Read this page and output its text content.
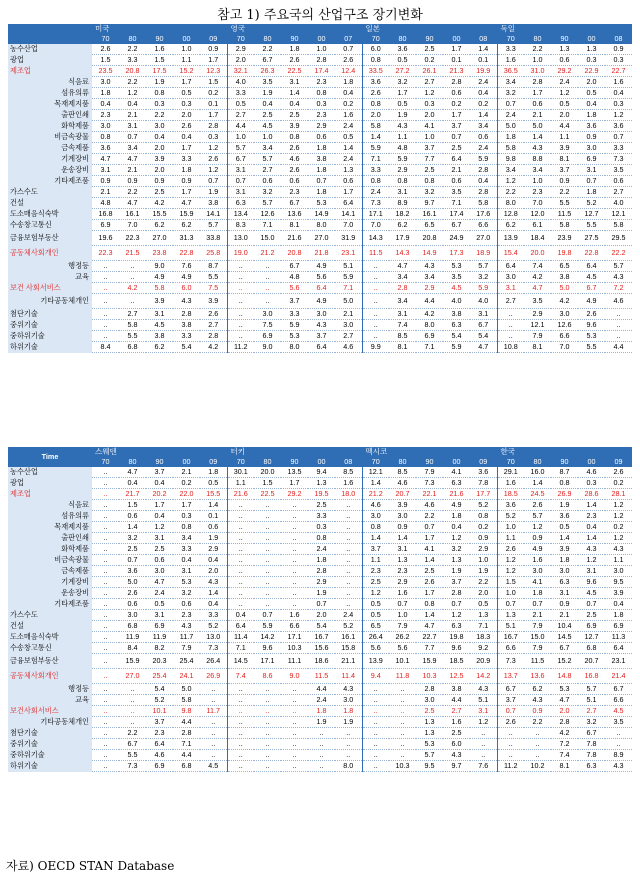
참고 1) 주요국의 산업구조 장기변화
	미국					영국					일본					독일				
	70	80	90	00	09	70	80	90	00	07	70	80	90	00	08	70	80	90	00	08
농수산업	2.6	2.2	1.6	1.0	0.9	2.9	2.2	1.8	1.0	0.7	6.0	3.6	2.5	1.7	1.4	3.3	2.2	1.3	1.3	0.9
광업	1.5	3.3	1.5	1.1	1.7	2.0	6.7	2.6	2.8	2.6	0.8	0.5	0.2	0.1	0.1	1.6	1.0	0.6	0.3	0.3
제조업	23.5	20.8	17.5	15.2	12.3	32.1	26.3	22.5	17.4	12.4	33.5	27.2	26.1	21.3	19.9	36.5	31.0	29.2	22.9	22.7
식음료	3.0	2.2	1.9	1.7	1.5	4.0	3.5	3.1	2.3	1.8	3.6	3.2	2.7	2.8	2.4	3.4	2.8	2.4	2.0	1.6
섬유의류	1.8	1.2	0.8	0.5	0.2	3.3	1.9	1.4	0.8	0.4	2.6	1.7	1.2	0.6	0.4	3.2	1.7	1.2	0.5	0.4
목재제지품	0.4	0.4	0.3	0.3	0.1	0.5	0.4	0.4	0.3	0.2	0.8	0.5	0.3	0.2	0.2	0.7	0.6	0.5	0.4	0.3
출판인쇄	2.3	2.1	2.2	2.0	1.7	2.7	2.5	2.5	2.3	1.6	2.0	1.9	2.0	1.7	1.4	2.4	2.1	2.0	1.8	1.2
화학제품	3.0	3.1	3.0	2.6	2.8	4.4	4.5	3.9	2.9	2.4	5.8	4.3	4.1	3.7	3.4	5.0	5.0	4.4	3.6	3.6
비금속광물	0.8	0.7	0.4	0.4	0.3	1.0	1.0	0.8	0.6	0.5	1.4	1.1	1.0	0.7	0.6	1.8	1.4	1.1	0.9	0.7
금속제품	3.6	3.4	2.0	1.7	1.2	5.7	3.4	2.6	1.8	1.4	5.9	4.8	3.7	2.5	2.4	5.8	4.3	3.9	3.0	3.3
기계장비	4.7	4.7	3.9	3.3	2.6	6.7	5.7	4.6	3.8	2.4	7.1	5.9	7.7	6.4	5.9	9.8	8.8	8.1	6.9	7.3
운송장비	3.1	2.1	2.0	1.8	1.2	3.1	2.7	2.6	1.8	1.3	3.3	2.9	2.5	2.1	2.8	3.4	3.4	3.7	3.1	3.5
기타제조품	0.9	0.9	0.9	0.9	0.7	0.7	0.6	0.6	0.7	0.6	0.8	0.8	0.8	0.6	0.4	1.2	1.0	0.9	0.7	0.6
가스수도	2.1	2.2	2.5	1.7	1.9	3.1	3.2	2.3	1.8	1.7	2.4	3.1	3.2	3.5	2.8	2.2	2.3	2.2	1.8	2.7
건설	4.8	4.7	4.2	4.7	3.8	6.3	5.7	6.7	5.3	6.4	7.3	8.9	9.7	7.1	5.8	8.0	7.0	5.5	5.2	4.0
도소매음식숙박	16.8	16.1	15.5	15.9	14.1	13.4	12.6	13.6	14.9	14.1	17.1	18.2	16.1	17.4	17.6	12.8	12.0	11.5	12.7	12.1
수송창고통신	6.9	7.0	6.2	6.2	5.7	8.3	7.1	8.1	8.0	7.0	7.0	6.2	6.5	6.7	6.6	6.2	6.1	5.8	5.5	5.8
금융보험부동산	19.6	22.3	27.0	31.3	33.8	13.0	15.0	21.6	27.0	31.9	14.3	17.9	20.8	24.9	27.0	13.9	18.4	23.9	27.5	29.5
공동체사회개인	22.3	21.5	23.8	22.8	25.8	19.0	21.2	20.8	21.8	23.1	11.5	14.3	14.9	17.3	18.9	15.4	20.0	19.8	22.8	22.2
행정등	..	..	9.0	7.6	8.7	..	..	6.7	4.9	5.1	..	4.7	4.3	5.3	5.7	6.4	7.4	6.5	6.4	5.7
교육	..	..	4.9	4.9	5.5	..	..	4.8	5.6	5.9	..	3.4	3.4	3.5	3.2	3.0	4.2	3.8	4.5	4.3
보건 사회서비스	..	4.2	5.8	6.0	7.5	..	..	5.6	6.4	7.1	..	2.8	2.9	4.5	5.9	3.1	4.7	5.0	6.7	7.2
기타공동체개인	..	..	3.9	4.3	3.9	..	..	3.7	4.9	5.0	..	3.4	4.4	4.0	4.0	2.7	3.5	4.2	4.9	4.6
첨단기술	..	2.7	3.1	2.8	2.6	..	3.0	3.3	3.0	2.1	..	3.1	4.2	3.8	3.1	..	2.9	3.0	2.6	..
중위기술	..	5.8	4.5	3.8	2.7	..	7.5	5.9	4.3	3.0	..	7.4	8.0	6.3	6.7	..	12.1	12.6	9.6	..
중하위기술	..	5.5	3.8	3.3	2.8	..	6.9	5.3	3.7	2.7	..	8.5	6.9	5.4	5.4	..	7.9	6.6	5.3	..
하위기술	8.4	6.8	6.2	5.4	4.2	11.2	9.0	8.0	6.4	4.6	9.9	8.1	7.1	5.9	4.7	10.8	8.1	7.0	5.5	4.4
Time	스웨덴					터키					멕시코					한국				
	70	80	90	00	09	70	80	90	00	08	70	80	90	00	09	70	80	90	00	09
농수산업	..	4.7	3.7	2.1	1.8	30.1	20.0	13.5	9.4	8.5	12.1	8.5	7.9	4.1	3.6	29.1	16.0	8.7	4.6	2.6
광업	..	0.4	0.4	0.2	0.5	1.1	1.5	1.7	1.3	1.6	1.4	4.6	7.3	6.3	7.8	1.6	1.4	0.8	0.3	0.2
제조업	..	21.7	20.2	22.0	15.5	21.6	22.5	29.2	19.5	18.0	21.2	20.7	22.1	21.6	17.7	18.5	24.5	26.9	28.6	28.1
식음료	..	1.5	1.7	1.7	1.4	..	..	..	2.5	..	4.6	3.9	4.6	4.9	5.2	3.6	2.6	1.9	1.4	1.2
섬유의류	..	0.6	0.4	0.3	0.1	..	..	..	3.3	..	3.0	3.0	2.2	1.8	0.8	5.2	5.7	3.6	2.3	1.2
목재제지품	..	1.4	1.2	0.8	0.6	..	..	..	0.3	..	0.8	0.9	0.7	0.4	0.2	1.0	1.2	0.5	0.4	0.2
출판인쇄	..	3.2	3.1	3.4	1.9	..	..	..	0.8	..	1.4	1.4	1.7	1.2	0.9	1.1	0.9	1.4	1.4	1.2
화학제품	..	2.5	2.5	3.3	2.9	..	..	..	2.4	..	3.7	3.1	4.1	3.2	2.9	2.6	4.9	3.9	4.3	4.3
비금속광물	..	0.7	0.6	0.4	0.4	..	..	..	1.8	..	1.1	1.3	1.4	1.3	1.0	1.2	1.6	1.8	1.2	1.1
금속제품	..	3.6	3.0	3.1	2.0	..	..	..	2.8	..	2.3	2.3	2.5	1.9	1.9	1.2	3.0	3.0	3.1	3.0
기계장비	..	5.0	4.7	5.3	4.3	..	..	..	2.9	..	2.5	2.9	2.6	3.7	2.2	1.5	4.1	6.3	9.6	9.5
운송장비	..	2.6	2.4	3.2	1.4	..	..	..	1.9	..	1.2	1.6	1.7	2.8	2.0	1.0	1.8	3.1	4.5	3.9
기타제조품	..	0.6	0.5	0.6	0.4	..	..	..	0.7	..	0.5	0.7	0.8	0.7	0.5	0.7	0.7	0.9	0.7	0.4
가스수도	..	3.0	3.1	2.3	3.3	0.4	0.7	1.6	2.0	2.4	0.5	1.0	1.4	1.2	1.3	1.3	2.1	2.1	2.5	1.8
건설	..	6.8	6.9	4.3	5.2	6.4	5.9	6.6	5.4	5.2	6.5	7.9	4.7	6.3	7.1	5.1	7.9	10.4	6.9	6.9
도소매음식숙박	..	11.9	11.9	11.7	13.0	11.4	14.2	17.1	16.7	16.1	26.4	26.2	22.7	19.8	18.3	16.7	15.0	14.5	12.7	11.3
수송창고통신	..	8.4	8.2	7.9	7.3	7.1	9.6	10.3	15.6	15.8	5.6	5.6	7.7	9.6	9.2	6.6	7.9	6.7	6.8	6.4
금융보험부동산	..	15.9	20.3	25.4	26.4	14.5	17.1	11.1	18.6	21.1	13.9	10.1	15.9	18.5	20.9	7.3	11.5	15.2	20.7	23.1
공동체사회개인	..	27.0	25.4	24.1	26.9	7.4	8.6	9.0	11.5	11.4	9.4	11.8	10.3	12.5	14.2	13.7	13.6	14.8	16.8	21.4
행정등	..	..	5.4	5.0	..	..	..	..	4.4	4.3	..	..	2.8	3.8	4.3	6.7	6.2	5.3	5.7	6.7
교육	..	..	5.2	5.8	..	..	..	..	2.4	3.0	..	..	3.0	4.4	5.1	3.7	4.3	4.7	5.1	6.6
보건사회서비스	..	..	10.1	9.8	11.7	..	..	..	1.8	1.8	..	..	2.5	2.7	3.1	0.7	0.9	2.0	2.7	4.5
기타공동체개인	..	..	3.7	4.4	..	..	..	..	1.9	1.9	..	..	1.3	1.6	1.2	2.6	2.2	2.8	3.2	3.5
첨단기술	..	2.2	2.3	2.8	..	..	..	..	..	..	..	..	1.3	2.5	..	..	..	4.2	6.7	..
중위기술	..	6.7	6.4	7.1	..	..	..	..	..	..	..	..	5.3	6.0	..	..	..	7.2	7.8	..
중하위기술	..	5.5	4.6	4.4	..	..	..	..	..	..	..	..	5.7	4.3	..	..	..	7.4	7.8	8.9
하위기술	..	7.3	6.9	6.8	4.5	..	..	..	..	8.0	..	10.3	9.5	9.7	7.6	11.2	10.2	8.1	6.3	4.3
자료) OECD STAN Database
